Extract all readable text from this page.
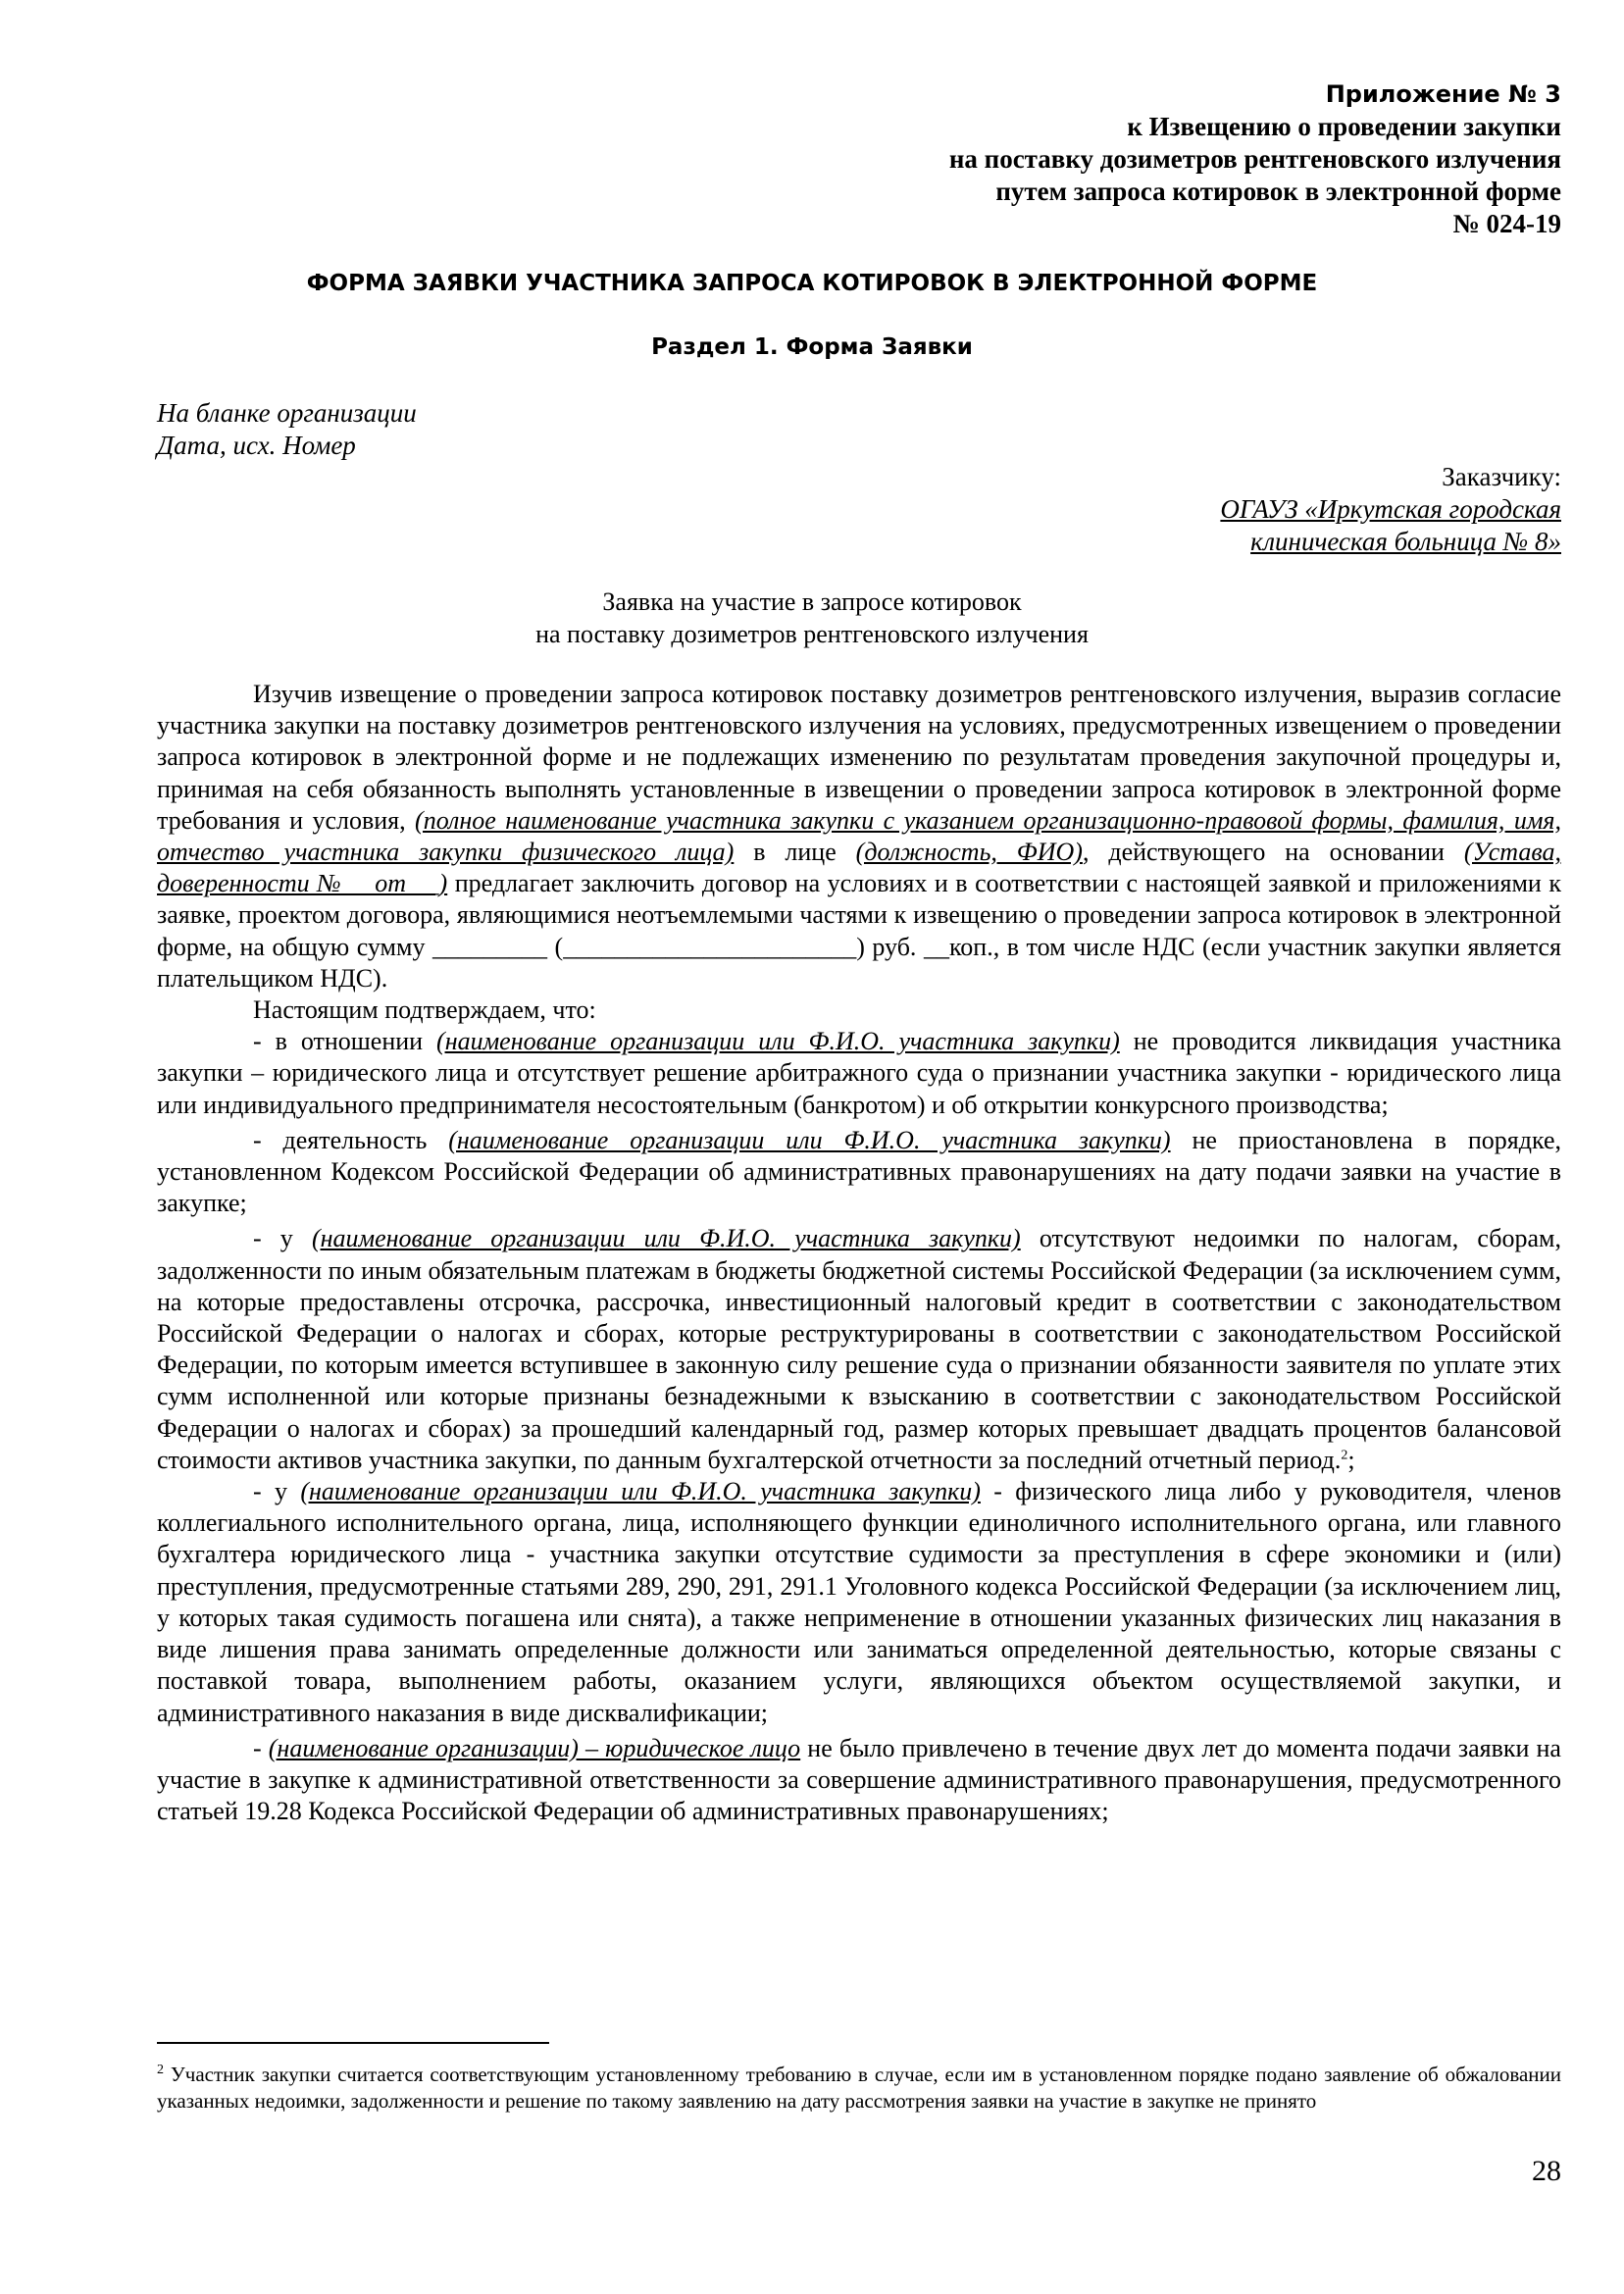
Приложение № 3
к Извещению о проведении закупки
на поставку дозиметров рентгеновского излучения
путем запроса котировок в электронной форме
№ 024-19
ФОРМА ЗАЯВКИ УЧАСТНИКА ЗАПРОСА КОТИРОВОК В ЭЛЕКТРОННОЙ ФОРМЕ
Раздел 1. Форма Заявки
На бланке организации
Дата, исх. Номер
Заказчику:
ОГАУЗ «Иркутская городская
клиническая больница № 8»
Заявка на участие в запросе котировок
на поставку дозиметров рентгеновского излучения

Изучив извещение о проведении запроса котировок поставку дозиметров рентгеновского излучения, выразив согласие участника закупки на поставку дозиметров рентгеновского излучения на условиях, предусмотренных извещением о проведении запроса котировок в электронной форме и не подлежащих изменению по результатам проведения закупочной процедуры и, принимая на себя обязанность выполнять установленные в извещении о проведении запроса котировок в электронной форме требования и условия, (полное наименование участника закупки с указанием организационно-правовой формы, фамилия, имя, отчество участника закупки физического лица) в лице (должность, ФИО), действующего на основании (Устава, доверенности №__ от __) предлагает заключить договор на условиях и в соответствии с настоящей заявкой и приложениями к заявке, проектом договора, являющимися неотъемлемыми частями к извещению о проведении запроса котировок в электронной форме, на общую сумму _________ (_______________________) руб. __коп., в том числе НДС (если участник закупки является плательщиком НДС).

Настоящим подтверждаем, что:

- в отношении (наименование организации или Ф.И.О. участника закупки) не проводится ликвидация участника закупки – юридического лица и отсутствует решение арбитражного суда о признании участника закупки - юридического лица или индивидуального предпринимателя несостоятельным (банкротом) и об открытии конкурсного производства;

- деятельность (наименование организации или Ф.И.О. участника закупки) не приостановлена в порядке, установленном Кодексом Российской Федерации об административных правонарушениях на дату подачи заявки на участие в закупке;

- у (наименование организации или Ф.И.О. участника закупки) отсутствуют недоимки по налогам, сборам, задолженности по иным обязательным платежам в бюджеты бюджетной системы Российской Федерации (за исключением сумм, на которые предоставлены отсрочка, рассрочка, инвестиционный налоговый кредит в соответствии с законодательством Российской Федерации о налогах и сборах, которые реструктурированы в соответствии с законодательством Российской Федерации, по которым имеется вступившее в законную силу решение суда о признании обязанности заявителя по уплате этих сумм исполненной или которые признаны безнадежными к взысканию в соответствии с законодательством Российской Федерации о налогах и сборах) за прошедший календарный год, размер которых превышает двадцать процентов балансовой стоимости активов участника закупки, по данным бухгалтерской отчетности за последний отчетный период.$^2$;

- у (наименование организации или Ф.И.О. участника закупки) - физического лица либо у руководителя, членов коллегиального исполнительного органа, лица, исполняющего функции единоличного исполнительного органа, или главного бухгалтера юридического лица - участника закупки отсутствие судимости за преступления в сфере экономики и (или) преступления, предусмотренные статьями 289, 290, 291, 291.1 Уголовного кодекса Российской Федерации (за исключением лиц, у которых такая судимость погашена или снята), а также неприменение в отношении указанных физических лиц наказания в виде лишения права занимать определенные должности или заниматься определенной деятельностью, которые связаны с поставкой товара, выполнением работы, оказанием услуги, являющихся объектом осуществляемой закупки, и административного наказания в виде дисквалификации;

- (наименование организации) – юридическое лицо не было привлечено в течение двух лет до момента подачи заявки на участие в закупке к административной ответственности за совершение административного правонарушения, предусмотренного статьей 19.28 Кодекса Российской Федерации об административных правонарушениях;

$^2$ Участник закупки считается соответствующим установленному требованию в случае, если им в установленном порядке подано заявление об обжаловании указанных недоимки, задолженности и решение по такому заявлению на дату рассмотрения заявки на участие в закупке не принято
28
